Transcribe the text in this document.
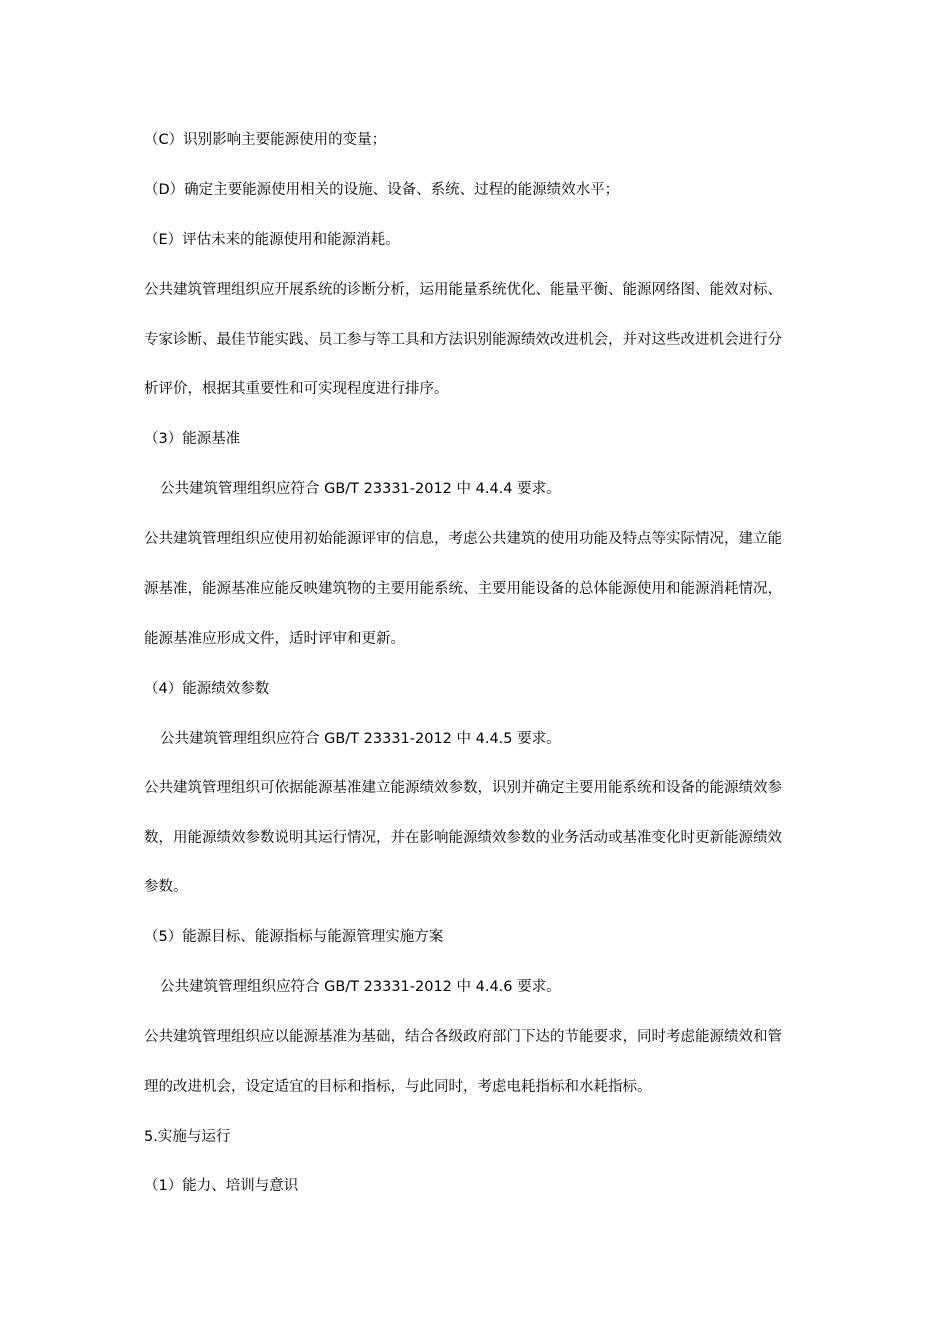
（C）识别影响主要能源使用的变量；

（D）确定主要能源使用相关的设施、设备、系统、过程的能源绩效水平；

（E）评估未来的能源使用和能源消耗。

公共建筑管理组织应开展系统的诊断分析，运用能量系统优化、能量平衡、能源网络图、能效对标、

专家诊断、最佳节能实践、员工参与等工具和方法识别能源绩效改进机会，并对这些改进机会进行分

析评价，根据其重要性和可实现程度进行排序。

（3）能源基准

公共建筑管理组织应符合 GB/T 23331-2012 中 4.4.4 要求。

公共建筑管理组织应使用初始能源评审的信息，考虑公共建筑的使用功能及特点等实际情况，建立能

源基准，能源基准应能反映建筑物的主要用能系统、主要用能设备的总体能源使用和能源消耗情况，

能源基准应形成文件，适时评审和更新。

（4）能源绩效参数

公共建筑管理组织应符合 GB/T 23331-2012 中 4.4.5 要求。

公共建筑管理组织可依据能源基准建立能源绩效参数，识别并确定主要用能系统和设备的能源绩效参

数，用能源绩效参数说明其运行情况，并在影响能源绩效参数的业务活动或基准变化时更新能源绩效

参数。

（5）能源目标、能源指标与能源管理实施方案

公共建筑管理组织应符合 GB/T 23331-2012 中 4.4.6 要求。

公共建筑管理组织应以能源基准为基础，结合各级政府部门下达的节能要求，同时考虑能源绩效和管

理的改进机会，设定适宜的目标和指标，与此同时，考虑电耗指标和水耗指标。

5.实施与运行

（1）能力、培训与意识
